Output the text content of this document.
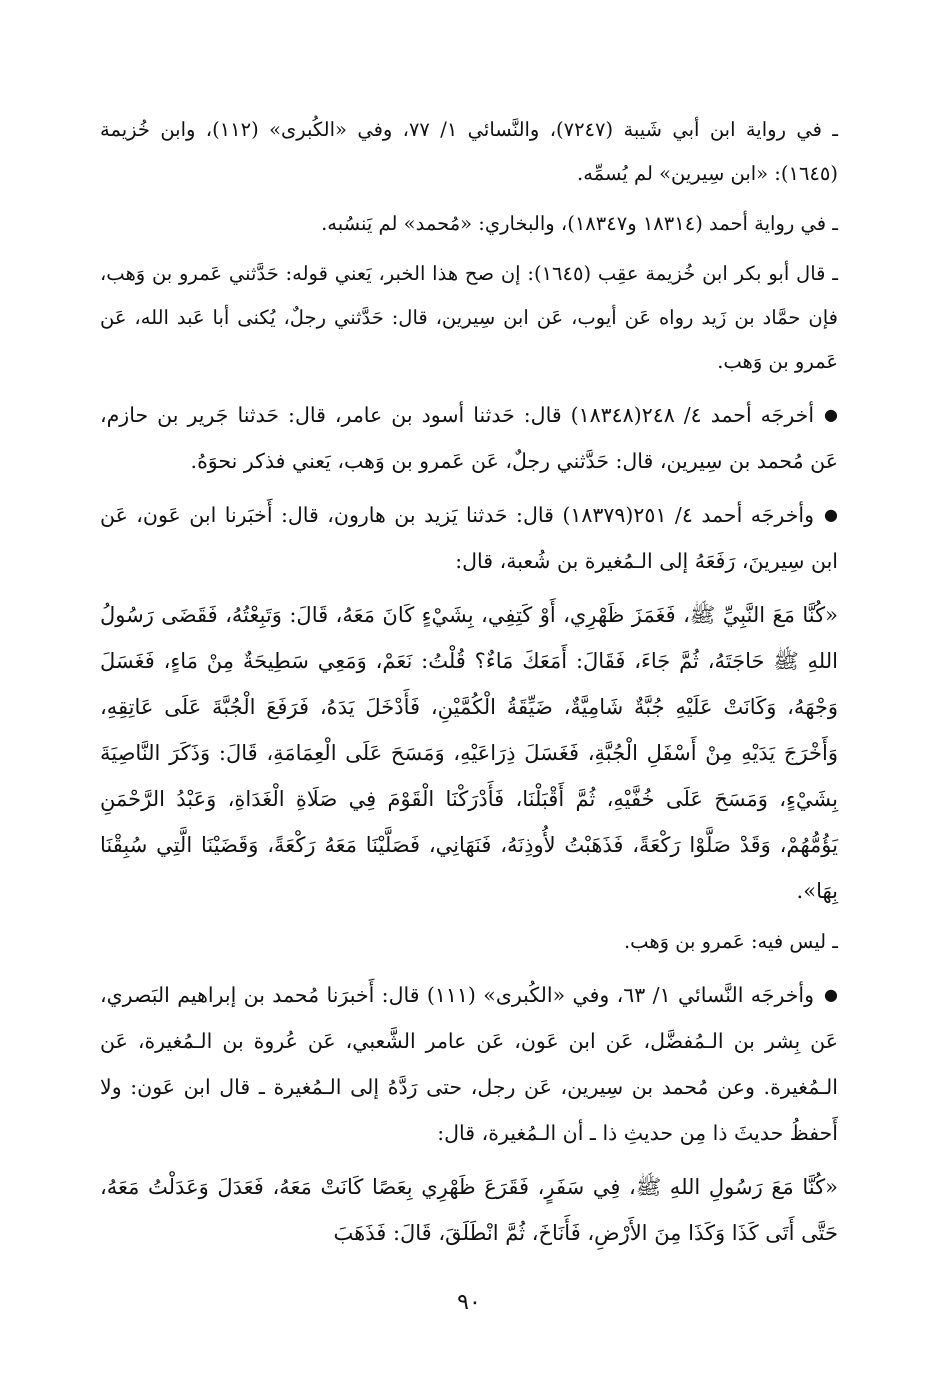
ـ في رواية ابن أبي شَيبة (٧٢٤٧)، والنَّسائي ١/ ٧٧، وفي «الكُبرى» (١١٢)، وابن خُزيمة (١٦٤٥): «ابن سِيرين» لم يُسمِّه.

ـ في رواية أحمد (١٨٣١٤ و١٨٣٤٧)، والبخاري: «مُحمد» لم يَنسُبه.

ـ قال أبو بكر ابن خُزيمة عقِب (١٦٤٥): إن صح هذا الخبر، يَعني قوله: حَدَّثني عَمرو بن وَهب، فإن حمَّاد بن زَيد رواه عَن أيوب، عَن ابن سِيرين، قال: حَدَّثني رجلٌ، يُكنى أبا عَبد الله، عَن عَمرو بن وَهب.

●أخرجَه أحمد ٤/ ٢٤٨(١٨٣٤٨) قال: حَدثنا أسود بن عامر، قال: حَدثنا جَرير بن حازم، عَن مُحمد بن سِيرين، قال: حَدَّثني رجلٌ، عَن عَمرو بن وَهب، يَعني فذكر نحوَهُ.

●وأخرجَه أحمد ٤/ ٢٥١(١٨٣٧٩) قال: حَدثنا يَزيد بن هارون، قال: أَخبَرنا ابن عَون، عَن ابن سِيرينَ، رَفَعَهُ إلى الـمُغيرة بن شُعبة، قال:

«كُنَّا مَعَ النَّبِيِّ ﷺ، فَغَمَزَ ظَهْرِي، أَوْ كَتِفِي، بِشَيْءٍ كَانَ مَعَهُ، قَالَ: وَتَبِعْتُهُ، فَقَضَى رَسُولُ اللهِ ﷺ حَاجَتَهُ، ثُمَّ جَاءَ، فَقَالَ: أَمَعَكَ مَاءٌ؟ قُلْتُ: نَعَمْ، وَمَعِي سَطِيحَةٌ مِنْ مَاءٍ، فَغَسَلَ وَجْهَهُ، وَكَانَتْ عَلَيْهِ جُبَّةٌ شَامِيَّةٌ، ضَيِّقَةُ الْكُمَّيْنِ، فَأَدْخَلَ يَدَهُ، فَرَفَعَ الْجُبَّةَ عَلَى عَاتِقِهِ، وَأَخْرَجَ يَدَيْهِ مِنْ أَسْفَلِ الْجُبَّةِ، فَغَسَلَ ذِرَاعَيْهِ، وَمَسَحَ عَلَى الْعِمَامَةِ، قَالَ: وَذَكَرَ النَّاصِيَةَ بِشَيْءٍ، وَمَسَحَ عَلَى خُفَّيْهِ، ثُمَّ أَقْبَلْنَا، فَأَدْرَكْنَا الْقَوْمَ فِي صَلَاةِ الْغَدَاةِ، وَعَبْدُ الرَّحْمَنِ يَؤُمُّهُمْ، وَقَدْ صَلَّوْا رَكْعَةً، فَذَهَبْتُ لأُوذِنَهُ، فَنَهَانِي، فَصَلَّيْنَا مَعَهُ رَكْعَةً، وَقَضَيْنَا الَّتِي سُبِقْنَا بِهَا».

ـ ليس فيه: عَمرو بن وَهب.

●وأخرجَه النَّسائي ١/ ٦٣، وفي «الكُبرى» (١١١) قال: أَخبرَنا مُحمد بن إبراهيم البَصري، عَن بِشر بن الـمُفضَّل، عَن ابن عَون، عَن عامر الشَّعبي، عَن عُروة بن الـمُغيرة، عَن الـمُغيرة. وعن مُحمد بن سِيرين، عَن رجل، حتى رَدَّهُ إلى الـمُغيرة ـ قال ابن عَون: ولا أَحفظُ حديثَ ذا مِن حديثِ ذا ـ أن الـمُغيرة، قال:

«كُنَّا مَعَ رَسُولِ اللهِ ﷺ، فِي سَفَرٍ، فَقَرَعَ ظَهْرِي بِعَصًا كَانَتْ مَعَهُ، فَعَدَلَ وَعَدَلْتُ مَعَهُ، حَتَّى أَتَى كَذَا وَكَذَا مِنَ الأَرْضِ، فَأَنَاخَ، ثُمَّ انْطَلَقَ، قَالَ: فَذَهَبَ

٩٠
